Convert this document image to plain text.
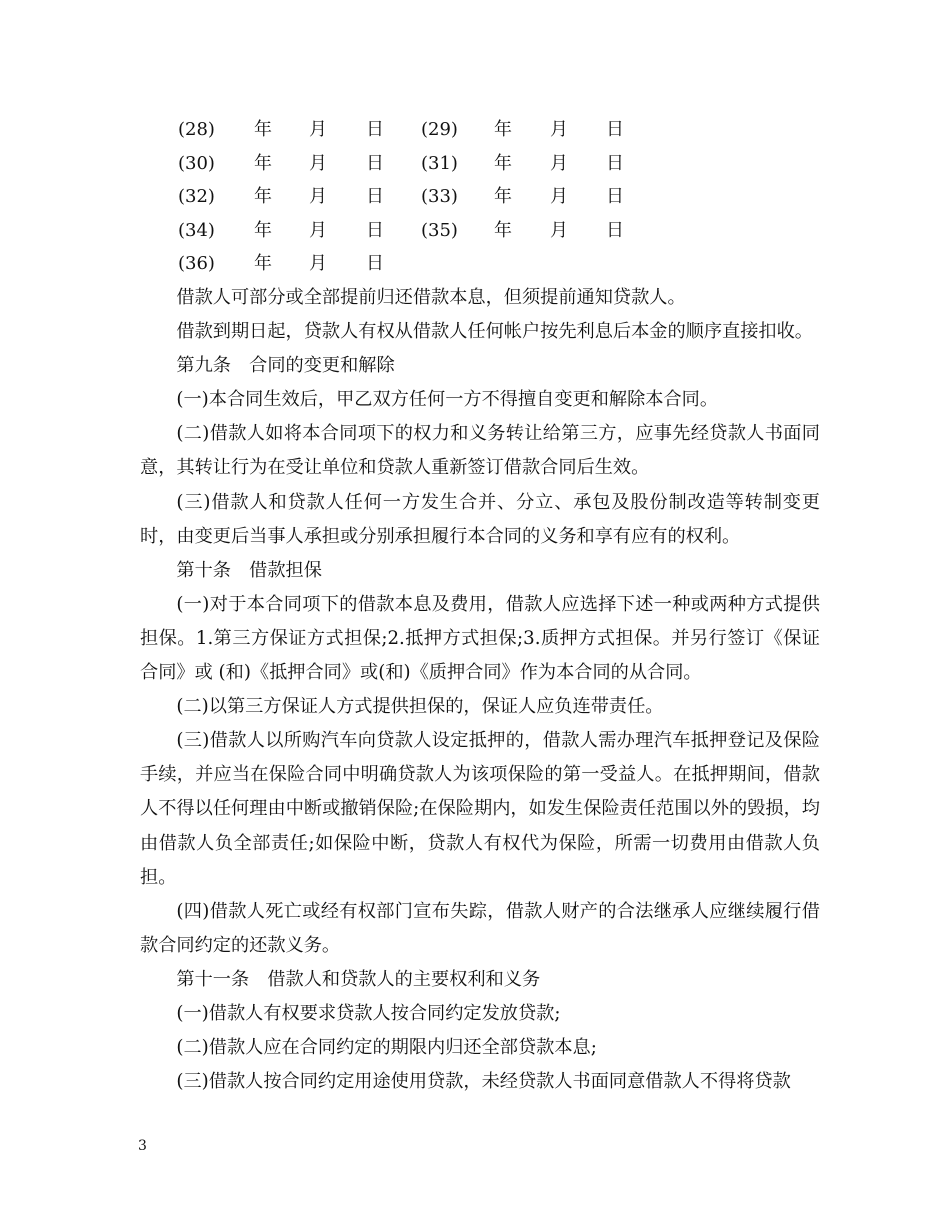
(28) 年 月 日 (29) 年 月 日
(30) 年 月 日 (31) 年 月 日
(32) 年 月 日 (33) 年 月 日
(34) 年 月 日 (35) 年 月 日
(36) 年 月 日

借款人可部分或全部提前归还借款本息，但须提前通知贷款人。

借款到期日起，贷款人有权从借款人任何帐户按先利息后本金的顺序直接扣收。

第九条　合同的变更和解除

(一)本合同生效后，甲乙双方任何一方不得擅自变更和解除本合同。

(二)借款人如将本合同项下的权力和义务转让给第三方，应事先经贷款人书面同意，其转让行为在受让单位和贷款人重新签订借款合同后生效。

(三)借款人和贷款人任何一方发生合并、分立、承包及股份制改造等转制变更时，由变更后当事人承担或分别承担履行本合同的义务和享有应有的权利。

第十条　借款担保

(一)对于本合同项下的借款本息及费用，借款人应选择下述一种或两种方式提供担保。1.第三方保证方式担保;2.抵押方式担保;3.质押方式担保。并另行签订《保证合同》或 (和)《抵押合同》或(和)《质押合同》作为本合同的从合同。

(二)以第三方保证人方式提供担保的，保证人应负连带责任。

(三)借款人以所购汽车向贷款人设定抵押的，借款人需办理汽车抵押登记及保险手续，并应当在保险合同中明确贷款人为该项保险的第一受益人。在抵押期间，借款人不得以任何理由中断或撤销保险;在保险期内，如发生保险责任范围以外的毁损，均由借款人负全部责任;如保险中断，贷款人有权代为保险，所需一切费用由借款人负担。

(四)借款人死亡或经有权部门宣布失踪，借款人财产的合法继承人应继续履行借款合同约定的还款义务。

第十一条　借款人和贷款人的主要权利和义务

(一)借款人有权要求贷款人按合同约定发放贷款;

(二)借款人应在合同约定的期限内归还全部贷款本息;

(三)借款人按合同约定用途使用贷款，未经贷款人书面同意借款人不得将贷款

3
